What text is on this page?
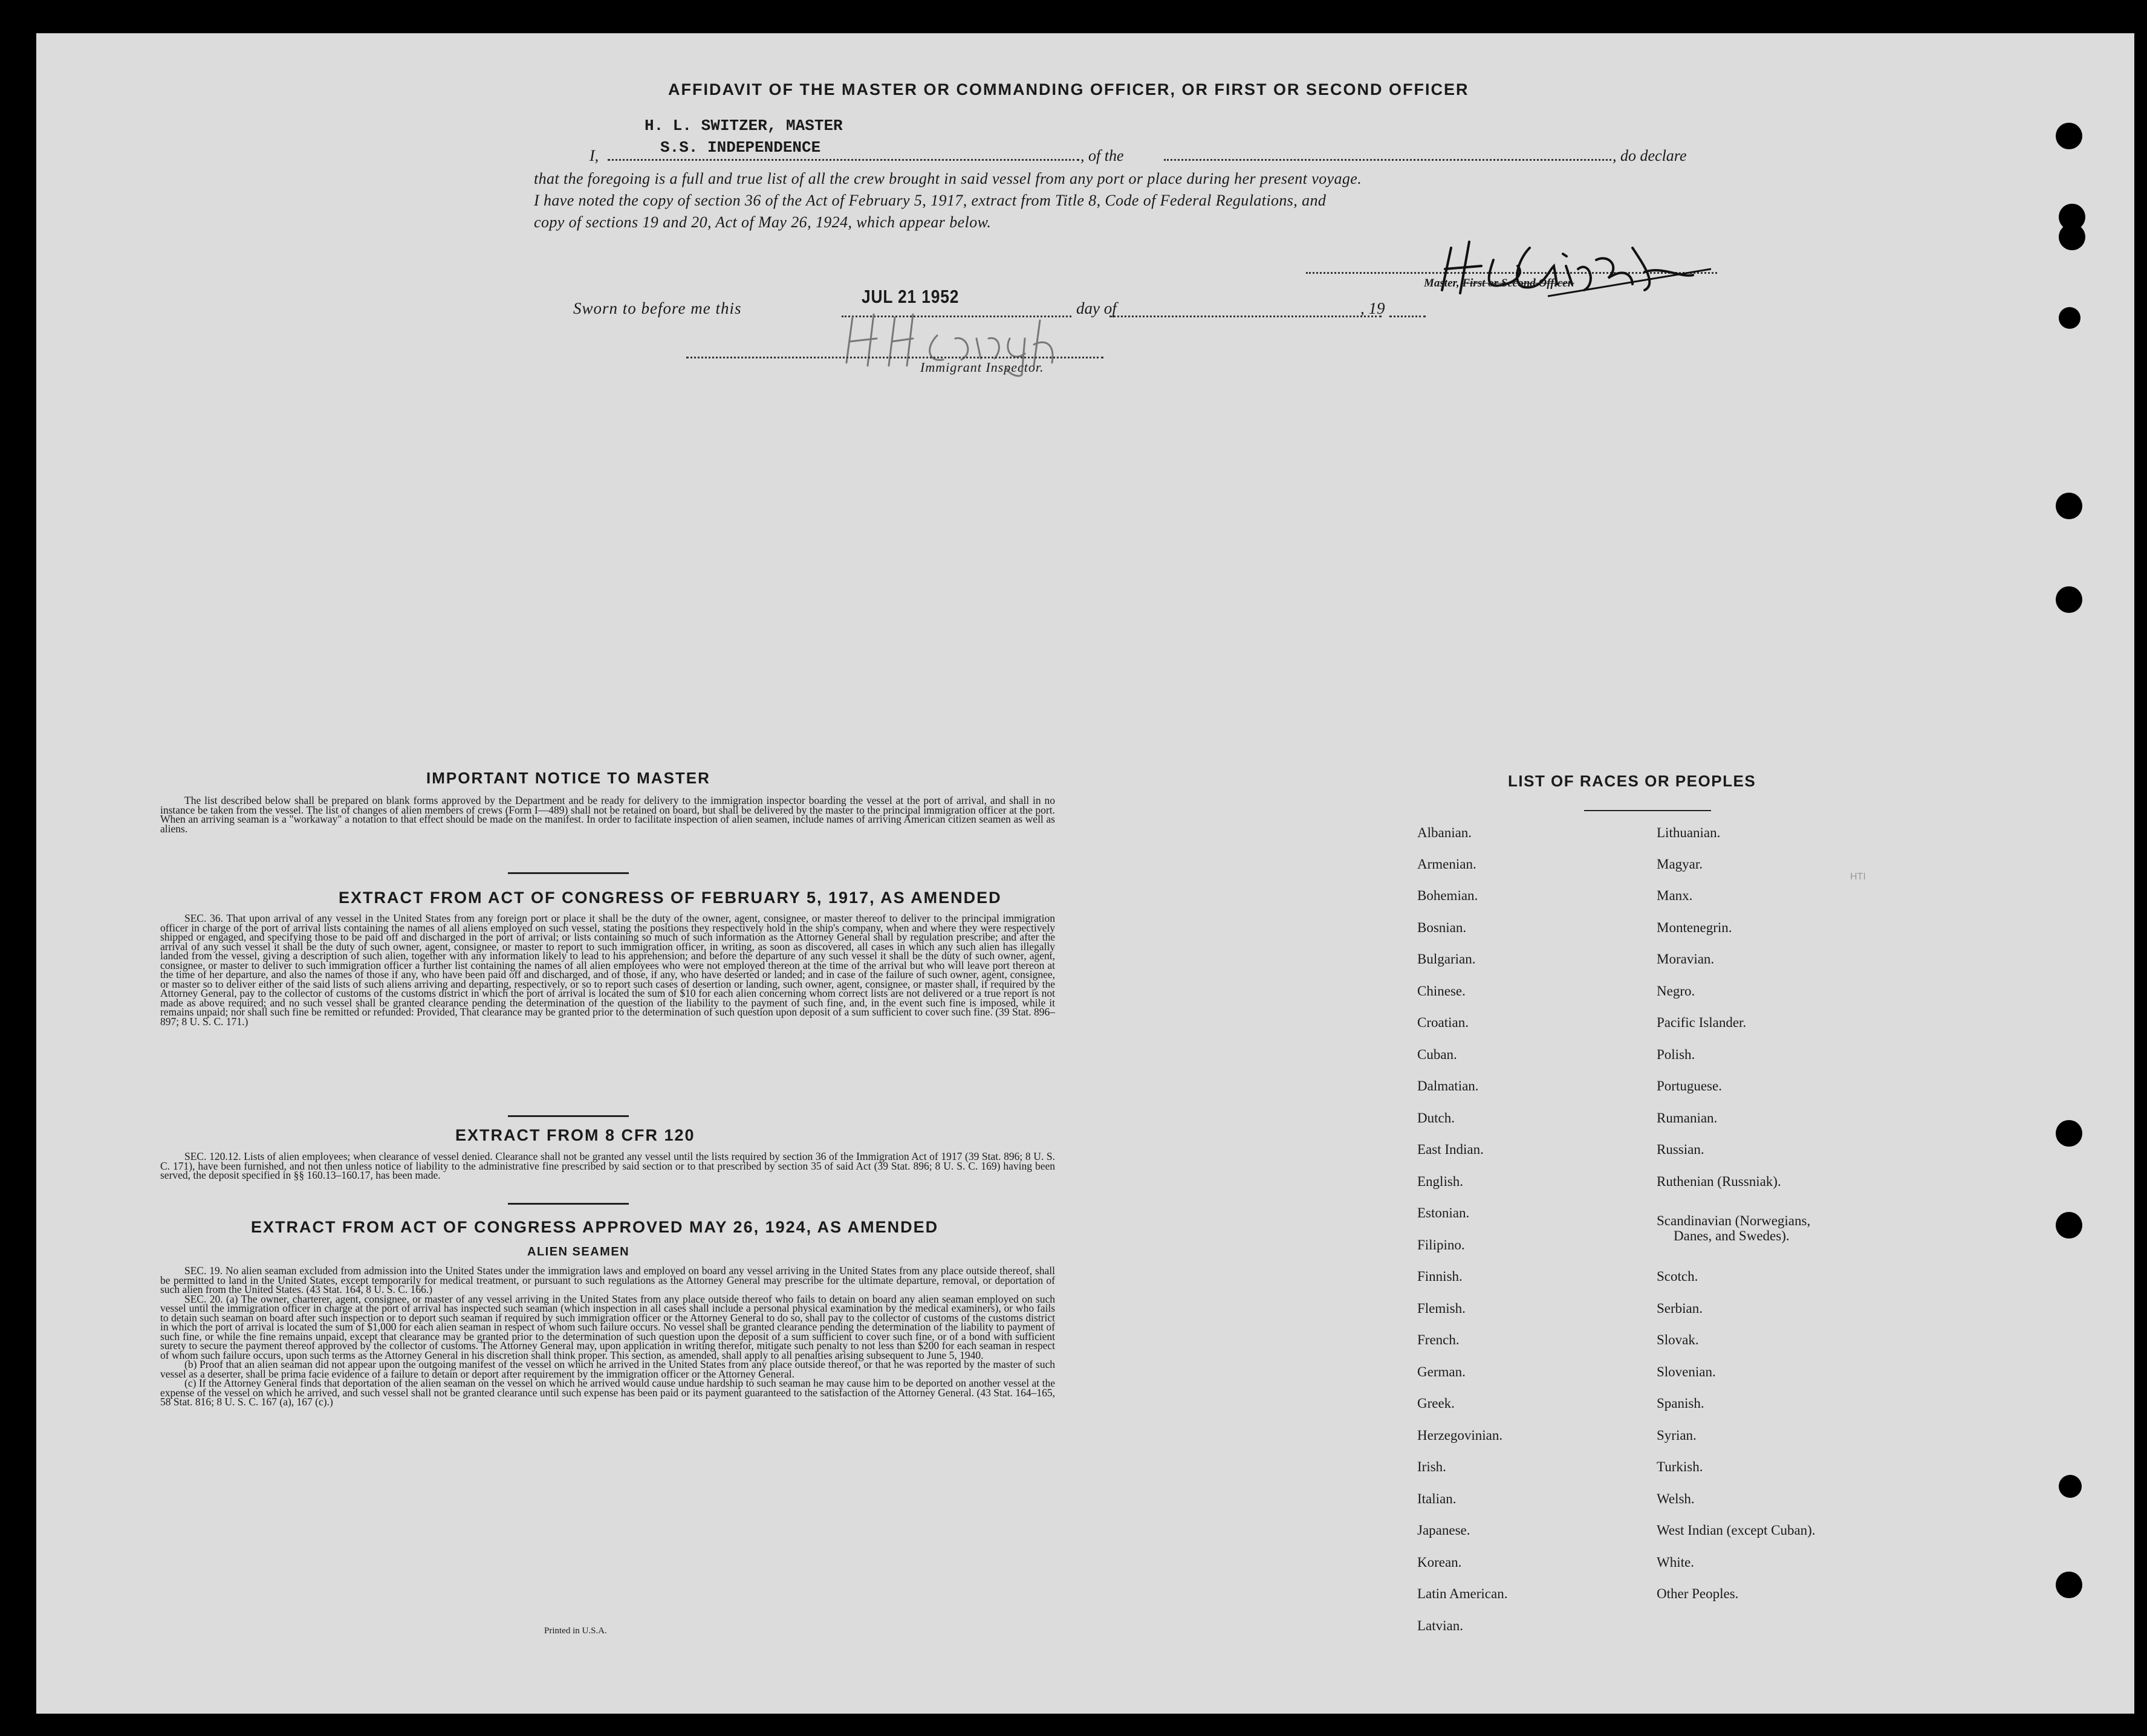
AFFIDAVIT OF THE MASTER OR COMMANDING OFFICER, OR FIRST OR SECOND OFFICER
H. L. SWITZER, MASTER
S.S. INDEPENDENCE
I,	, of the	, do declare
that the foregoing is a full and true list of all the crew brought in said vessel from any port or place during her present voyage.
I have noted the copy of section 36 of the Act of February 5, 1917, extract from Title 8, Code of Federal Regulations, and
copy of sections 19 and 20, Act of May 26, 1924, which appear below.
Master, First or Second Officer.
Sworn to before me this
JUL 21 1952
day of	, 19
Immigrant Inspector.
IMPORTANT NOTICE TO MASTER

The list described below shall be prepared on blank forms approved by the Department and be ready for delivery to the immigration inspector boarding the vessel at the port of arrival, and shall in no instance be taken from the vessel. The list of changes of alien members of crews (Form I—489) shall not be retained on board, but shall be delivered by the master to the principal immigration officer at the port. When an arriving seaman is a "workaway" a notation to that effect should be made on the manifest. In order to facilitate inspection of alien seamen, include names of arriving American citizen seamen as well as aliens.

EXTRACT FROM ACT OF CONGRESS OF FEBRUARY 5, 1917, AS AMENDED

SEC. 36. That upon arrival of any vessel in the United States from any foreign port or place it shall be the duty of the owner, agent, consignee, or master thereof to deliver to the principal immigration officer in charge of the port of arrival lists containing the names of all aliens employed on such vessel, stating the positions they respectively hold in the ship's company, when and where they were respectively shipped or engaged, and specifying those to be paid off and discharged in the port of arrival; or lists containing so much of such information as the Attorney General shall by regulation prescribe; and after the arrival of any such vessel it shall be the duty of such owner, agent, consignee, or master to report to such immigration officer, in writing, as soon as discovered, all cases in which any such alien has illegally landed from the vessel, giving a description of such alien, together with any information likely to lead to his apprehension; and before the departure of any such vessel it shall be the duty of such owner, agent, consignee, or master to deliver to such immigration officer a further list containing the names of all alien employees who were not employed thereon at the time of the arrival but who will leave port thereon at the time of her departure, and also the names of those if any, who have been paid off and discharged, and of those, if any, who have deserted or landed; and in case of the failure of such owner, agent, consignee, or master so to deliver either of the said lists of such aliens arriving and departing, respectively, or so to report such cases of desertion or landing, such owner, agent, consignee, or master shall, if required by the Attorney General, pay to the collector of customs of the customs district in which the port of arrival is located the sum of $10 for each alien concerning whom correct lists are not delivered or a true report is not made as above required; and no such vessel shall be granted clearance pending the determination of the question of the liability to the payment of such fine, and, in the event such fine is imposed, while it remains unpaid; nor shall such fine be remitted or refunded: Provided, That clearance may be granted prior to the determination of such question upon deposit of a sum sufficient to cover such fine. (39 Stat. 896–897; 8 U. S. C. 171.)

EXTRACT FROM 8 CFR 120

SEC. 120.12. Lists of alien employees; when clearance of vessel denied. Clearance shall not be granted any vessel until the lists required by section 36 of the Immigration Act of 1917 (39 Stat. 896; 8 U. S. C. 171), have been furnished, and not then unless notice of liability to the administrative fine prescribed by said section or to that prescribed by section 35 of said Act (39 Stat. 896; 8 U. S. C. 169) having been served, the deposit specified in §§ 160.13–160.17, has been made.

EXTRACT FROM ACT OF CONGRESS APPROVED MAY 26, 1924, AS AMENDED
ALIEN SEAMEN

SEC. 19. No alien seaman excluded from admission into the United States under the immigration laws and employed on board any vessel arriving in the United States from any place outside thereof, shall be permitted to land in the United States, except temporarily for medical treatment, or pursuant to such regulations as the Attorney General may prescribe for the ultimate departure, removal, or deportation of such alien from the United States. (43 Stat. 164, 8 U. S. C. 166.)

SEC. 20. (a) The owner, charterer, agent, consignee, or master of any vessel arriving in the United States from any place outside thereof who fails to detain on board any alien seaman employed on such vessel until the immigration officer in charge at the port of arrival has inspected such seaman (which inspection in all cases shall include a personal physical examination by the medical examiners), or who fails to detain such seaman on board after such inspection or to deport such seaman if required by such immigration officer or the Attorney General to do so, shall pay to the collector of customs of the customs district in which the port of arrival is located the sum of $1,000 for each alien seaman in respect of whom such failure occurs. No vessel shall be granted clearance pending the determination of the liability to payment of such fine, or while the fine remains unpaid, except that clearance may be granted prior to the determination of such question upon the deposit of a sum sufficient to cover such fine, or of a bond with sufficient surety to secure the payment thereof approved by the collector of customs. The Attorney General may, upon application in writing therefor, mitigate such penalty to not less than $200 for each seaman in respect of whom such failure occurs, upon such terms as the Attorney General in his discretion shall think proper. This section, as amended, shall apply to all penalties arising subsequent to June 5, 1940.

(b) Proof that an alien seaman did not appear upon the outgoing manifest of the vessel on which he arrived in the United States from any place outside thereof, or that he was reported by the master of such vessel as a deserter, shall be prima facie evidence of a failure to detain or deport after requirement by the immigration officer or the Attorney General.

(c) If the Attorney General finds that deportation of the alien seaman on the vessel on which he arrived would cause undue hardship to such seaman he may cause him to be deported on another vessel at the expense of the vessel on which he arrived, and such vessel shall not be granted clearance until such expense has been paid or its payment guaranteed to the satisfaction of the Attorney General. (43 Stat. 164–165, 58 Stat. 816; 8 U. S. C. 167 (a), 167 (c).)

Printed in U.S.A.
LIST OF RACES OR PEOPLES
Albanian.
Armenian.
Bohemian.
Bosnian.
Bulgarian.
Chinese.
Croatian.
Cuban.
Dalmatian.
Dutch.
East Indian.
English.
Estonian.
Filipino.
Finnish.
Flemish.
French.
German.
Greek.
Herzegovinian.
Irish.
Italian.
Japanese.
Korean.
Latin American.
Latvian.
Lithuanian.
Magyar.
Manx.
Montenegrin.
Moravian.
Negro.
Pacific Islander.
Polish.
Portuguese.
Rumanian.
Russian.
Ruthenian (Russniak).
Scandinavian (Norwegians,
Danes, and Swedes).
Scotch.
Serbian.
Slovak.
Slovenian.
Spanish.
Syrian.
Turkish.
Welsh.
West Indian (except Cuban).
White.
Other Peoples.
HTI
